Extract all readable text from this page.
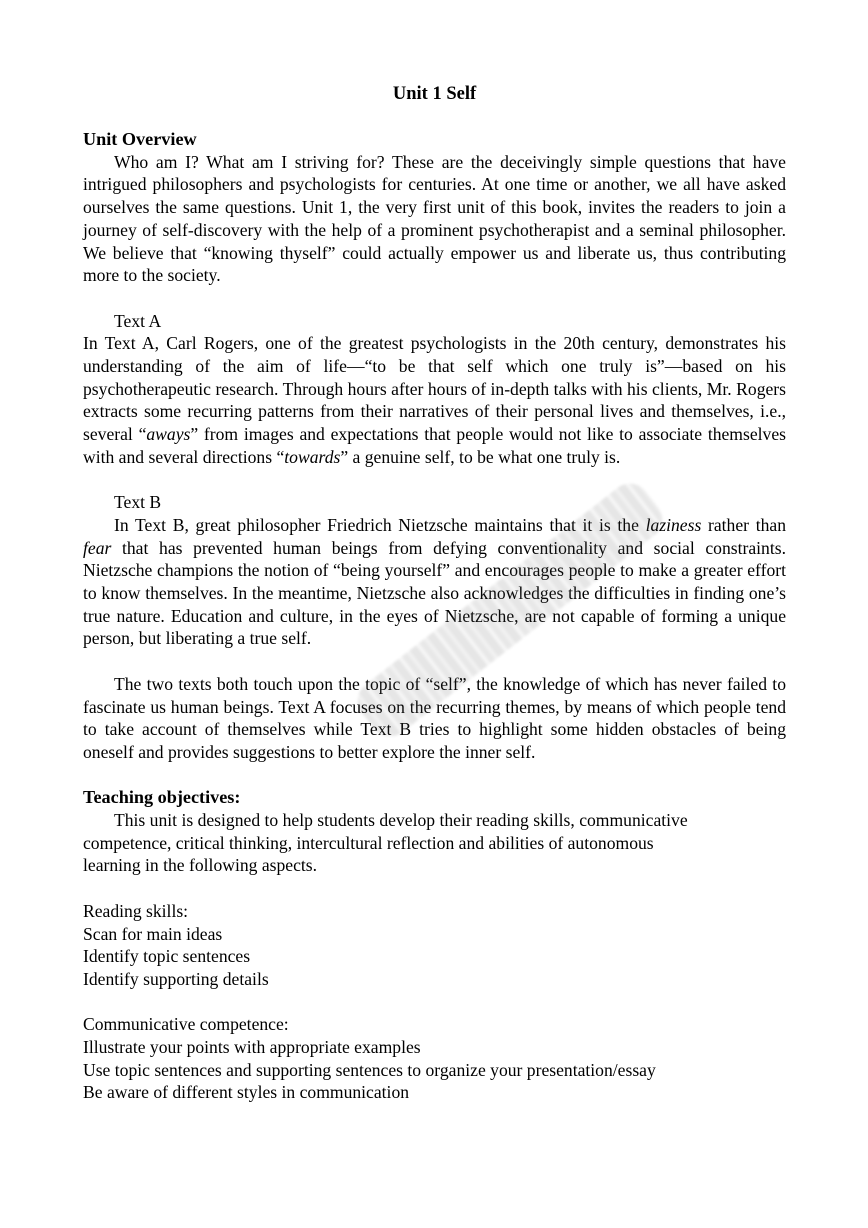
Unit 1 Self
Unit Overview

Who am I? What am I striving for? These are the deceivingly simple questions that have intrigued philosophers and psychologists for centuries. At one time or another, we all have asked ourselves the same questions. Unit 1, the very first unit of this book, invites the readers to join a journey of self-discovery with the help of a prominent psychotherapist and a seminal philosopher. We believe that “knowing thyself” could actually empower us and liberate us, thus contributing more to the society.

Text A

In Text A, Carl Rogers, one of the greatest psychologists in the 20th century, demonstrates his understanding of the aim of life—“to be that self which one truly is”—based on his psychotherapeutic research. Through hours after hours of in-depth talks with his clients, Mr. Rogers extracts some recurring patterns from their narratives of their personal lives and themselves, i.e., several “aways” from images and expectations that people would not like to associate themselves with and several directions “towards” a genuine self, to be what one truly is.

Text B

In Text B, great philosopher Friedrich Nietzsche maintains that it is the laziness rather than fear that has prevented human beings from defying conventionality and social constraints. Nietzsche champions the notion of “being yourself” and encourages people to make a greater effort to know themselves. In the meantime, Nietzsche also acknowledges the difficulties in finding one’s true nature. Education and culture, in the eyes of Nietzsche, are not capable of forming a unique person, but liberating a true self.

The two texts both touch upon the topic of “self”, the knowledge of which has never failed to fascinate us human beings. Text A focuses on the recurring themes, by means of which people tend to take account of themselves while Text B tries to highlight some hidden obstacles of being oneself and provides suggestions to better explore the inner self.

Teaching objectives:

This unit is designed to help students develop their reading skills, communicative

competence, critical thinking, intercultural reflection and abilities of autonomous

learning in the following aspects.

Reading skills:

Scan for main ideas

Identify topic sentences

Identify supporting details

Communicative competence:

Illustrate your points with appropriate examples

Use topic sentences and supporting sentences to organize your presentation/essay

Be aware of different styles in communication
